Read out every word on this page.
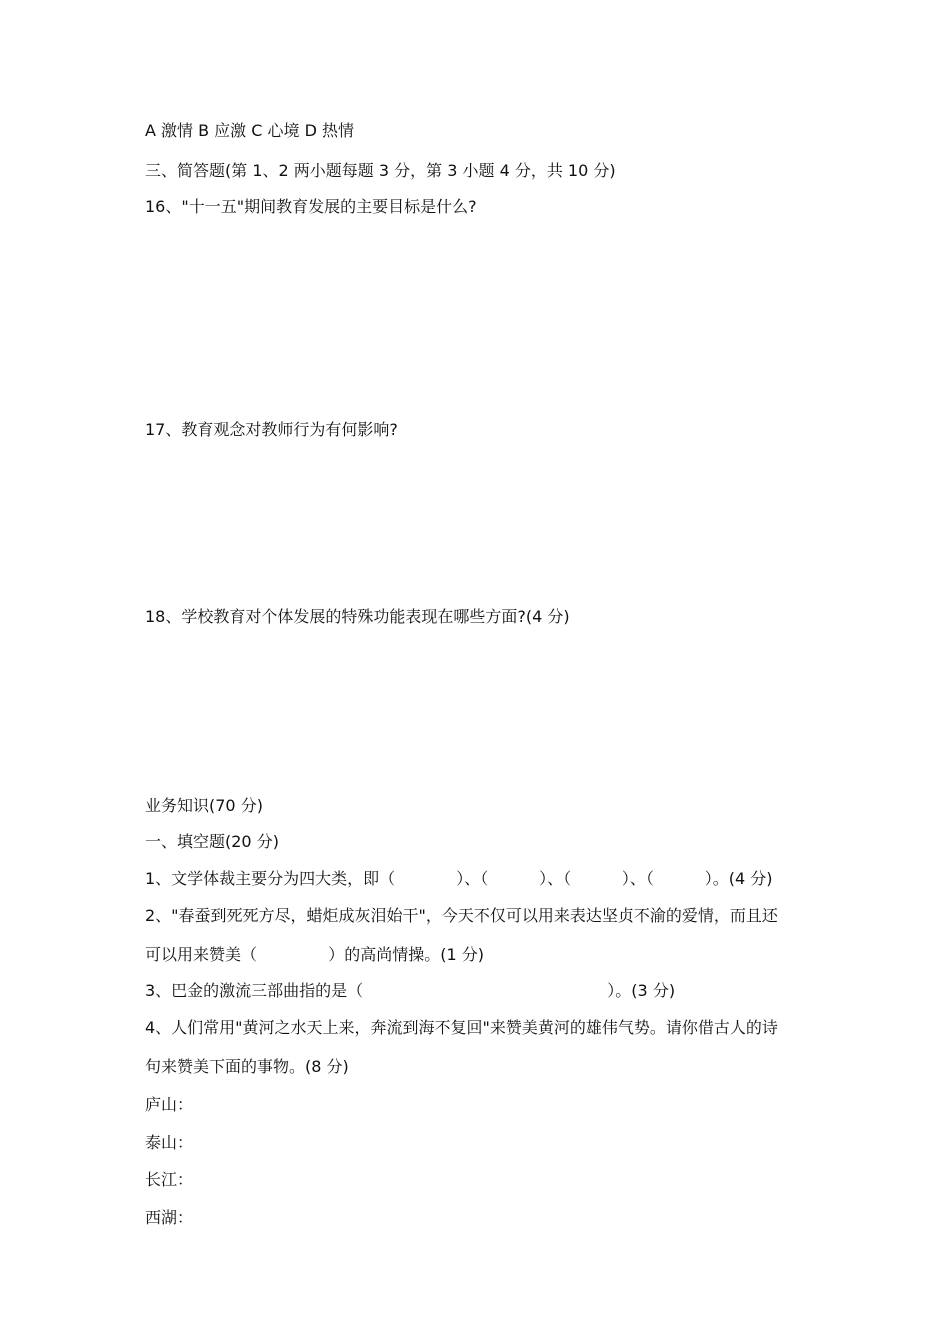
A 激情 B 应激 C 心境 D 热情
三、简答题(第 1、2 两小题每题 3 分，第 3 小题 4 分，共 10 分)
16、"十一五"期间教育发展的主要目标是什么?
17、教育观念对教师行为有何影响?
18、学校教育对个体发展的特殊功能表现在哪些方面?(4 分)
业务知识(70 分)
一、填空题(20 分)
1、文学体裁主要分为四大类，即（            ）、（          ）、（          ）、（          ）。(4 分)
2、"春蚕到死死方尽，蜡炬成灰泪始干"，今天不仅可以用来表达坚贞不渝的爱情，而且还
可以用来赞美（              ）的高尚情操。(1 分)
3、巴金的激流三部曲指的是（                                                ）。(3 分)
4、人们常用"黄河之水天上来，奔流到海不复回"来赞美黄河的雄伟气势。请你借古人的诗
句来赞美下面的事物。(8 分)
庐山：
泰山：
长江：
西湖：
